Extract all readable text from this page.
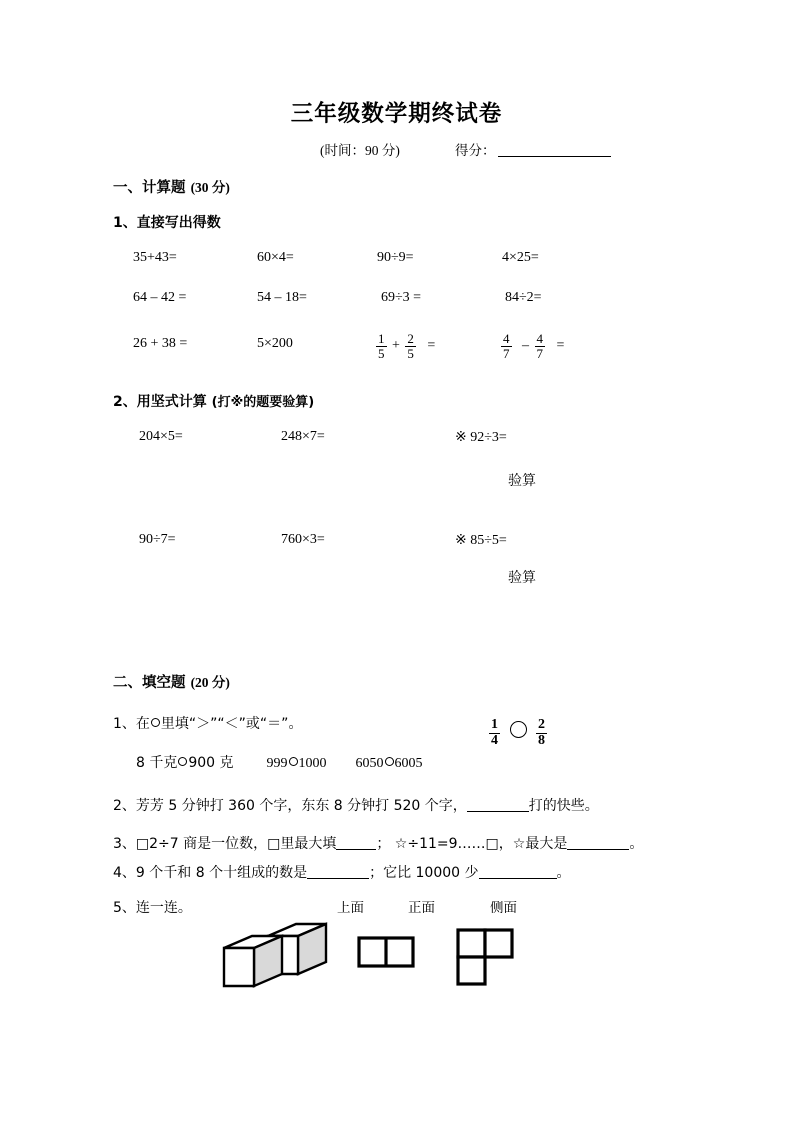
三年级数学期终试卷
(时间：90 分)	得分：
一、计算题 (30 分)
1、直接写出得数
35+43=	60×4=	90÷9=	4×25=
64 – 42 =	54 – 18=	69÷3 =	84÷2=
26 + 38 =	5×200	$\frac{1}{5} + \frac{2}{5}$ =	$\frac{4}{7} - \frac{4}{7}$ =
2、用坚式计算 (打※的题要验算)
204×5=	248×7=	※ 92÷3=
验算
90÷7=	760×3=	※ 85÷5=
验算
二、填空题 (20 分)
1、在 里填“＞”“＜”或“＝”。
8 千克 900 克 999 1000 6050 6005
$\frac{1}{4}$
	$\frac{2}{8}$
2、芳芳 5 分钟打 360 个字，东东 8 分钟打 520 个字，	打的快些。
3、□2÷7 商是一位数，□里最大填	； ☆÷11=9……□，☆最大是	。
4、9 个千和 8 个十组成的数是	；它比 10000 少	。
5、连一连。	上面	正面	侧面
